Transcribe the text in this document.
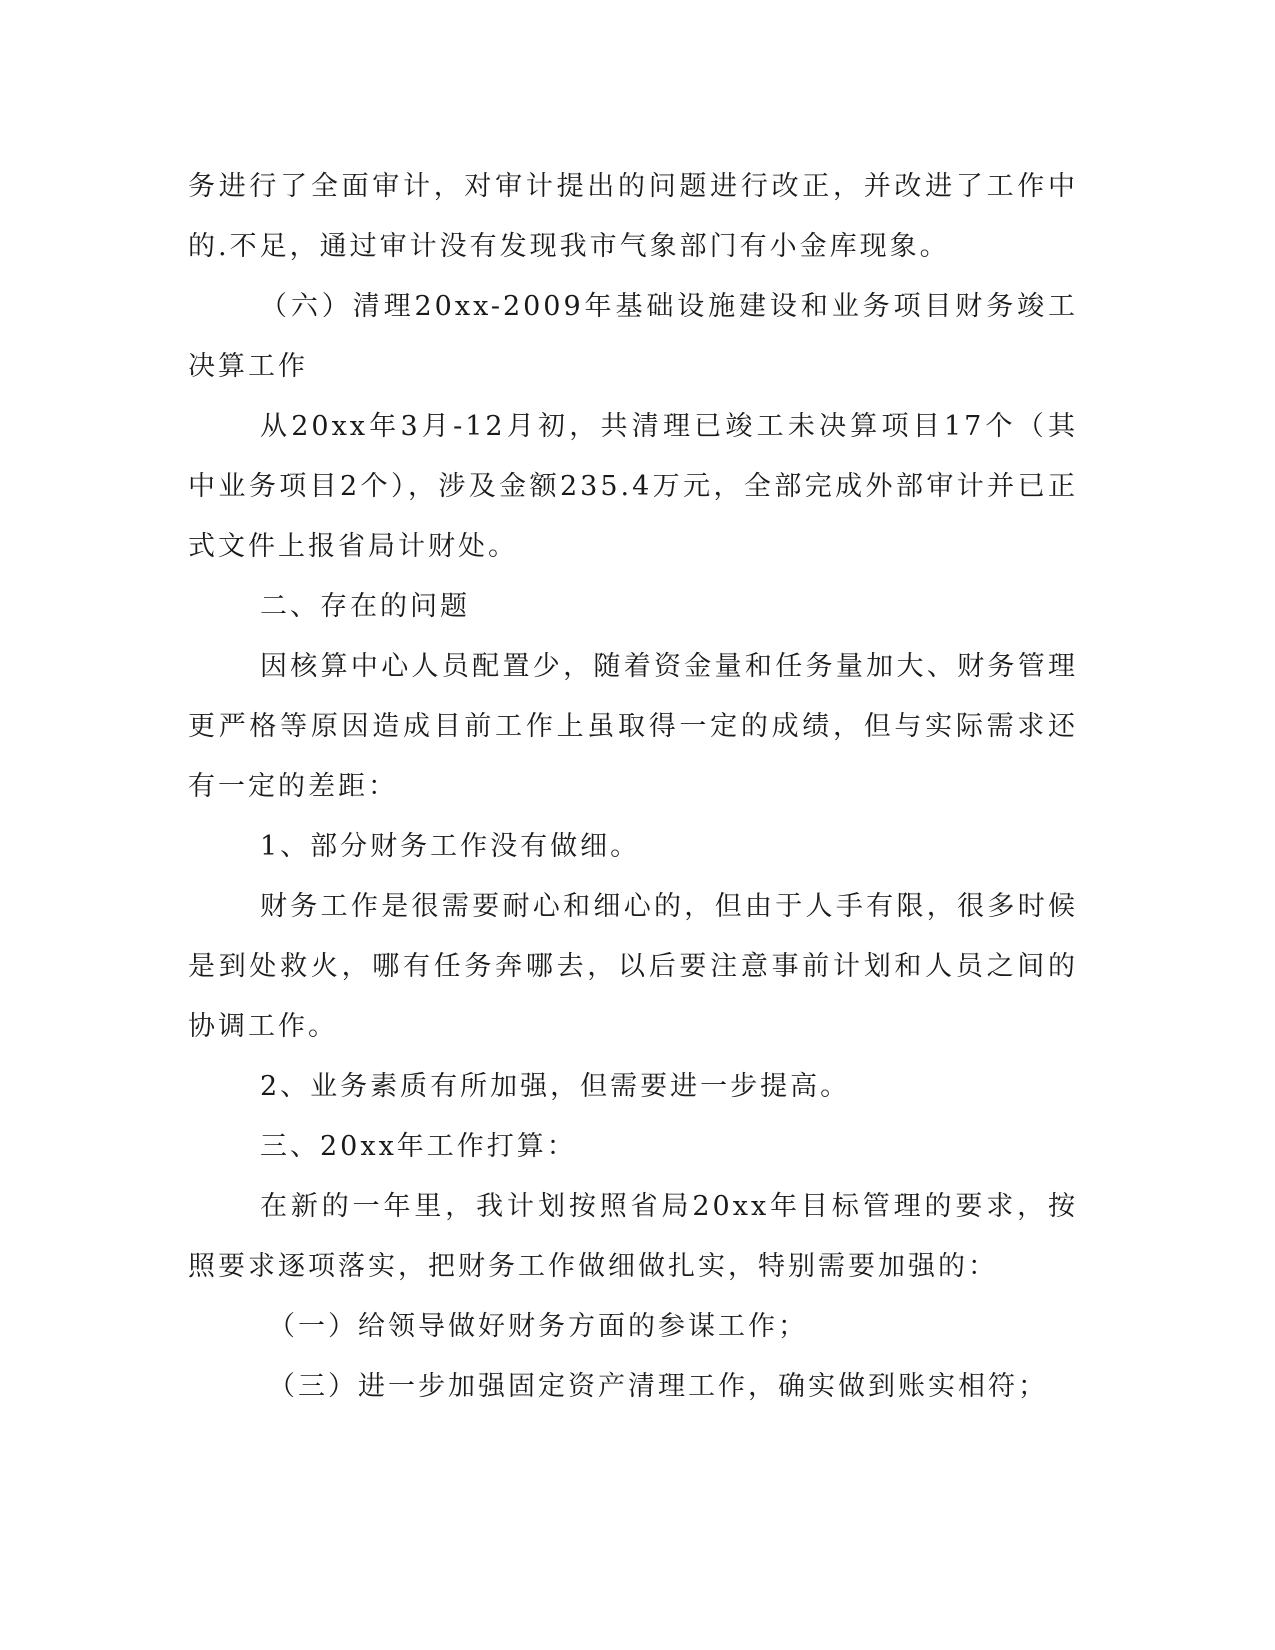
务进行了全面审计，对审计提出的问题进行改正，并改进了工作中的.不足，通过审计没有发现我市气象部门有小金库现象。

（六）清理20xx-2009年基础设施建设和业务项目财务竣工决算工作

从20xx年3月-12月初，共清理已竣工未决算项目17个（其中业务项目2个），涉及金额235.4万元，全部完成外部审计并已正式文件上报省局计财处。

二、存在的问题

因核算中心人员配置少，随着资金量和任务量加大、财务管理更严格等原因造成目前工作上虽取得一定的成绩，但与实际需求还有一定的差距：

1、部分财务工作没有做细。

财务工作是很需要耐心和细心的，但由于人手有限，很多时候是到处救火，哪有任务奔哪去，以后要注意事前计划和人员之间的协调工作。

2、业务素质有所加强，但需要进一步提高。

三、20xx年工作打算：

在新的一年里，我计划按照省局20xx年目标管理的要求，按照要求逐项落实，把财务工作做细做扎实，特别需要加强的：

（一）给领导做好财务方面的参谋工作；

（三）进一步加强固定资产清理工作，确实做到账实相符；
